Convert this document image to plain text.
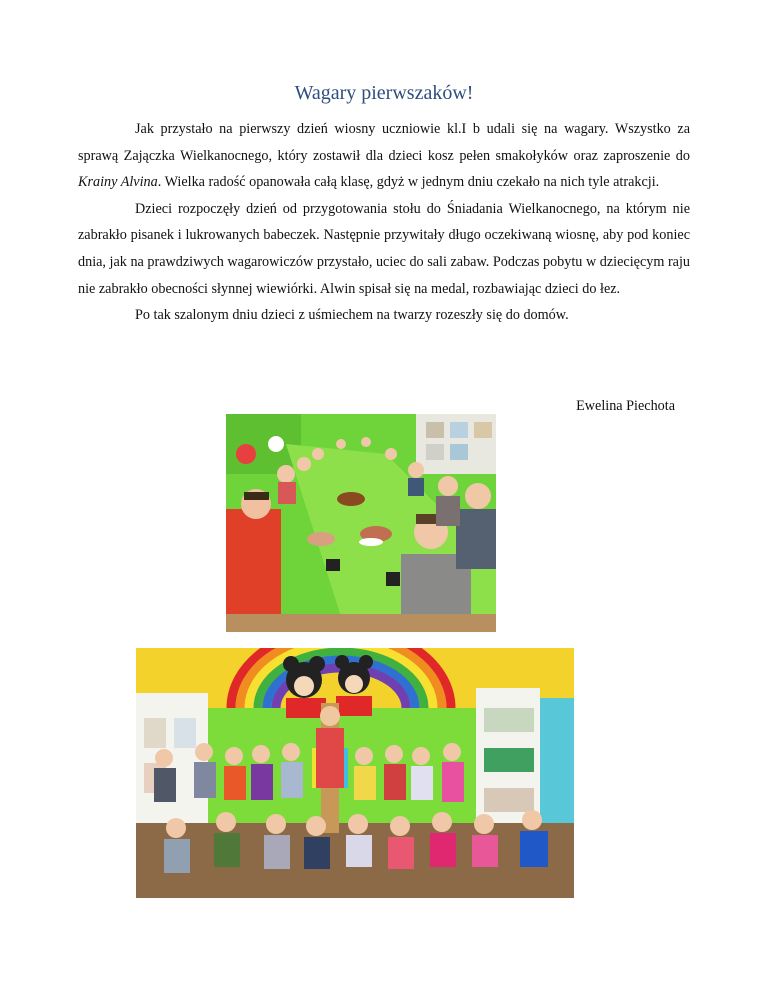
Wagary pierwszaków!

Jak przystało na pierwszy dzień wiosny uczniowie kl.I b udali się na wagary. Wszystko za sprawą Zajączka Wielkanocnego, który zostawił dla dzieci kosz pełen smakołyków oraz zaproszenie do Krainy Alvina. Wielka radość opanowała całą klasę, gdyż w jednym dniu czekało na nich tyle atrakcji.

Dzieci rozpoczęły dzień od przygotowania stołu do Śniadania Wielkanocnego, na którym nie zabrakło pisanek i lukrowanych babeczek. Następnie przywitały długo oczekiwaną wiosnę, aby pod koniec dnia, jak na prawdziwych wagarowiczów przystało, uciec do sali zabaw. Podczas pobytu w dziecięcym raju nie zabrakło obecności słynnej wiewiórki. Alwin spisał się na medal, rozbawiając dzieci do łez.

Po tak szalonym dniu dzieci z uśmiechem na twarzy rozeszły się do domów.

Ewelina Piechota
